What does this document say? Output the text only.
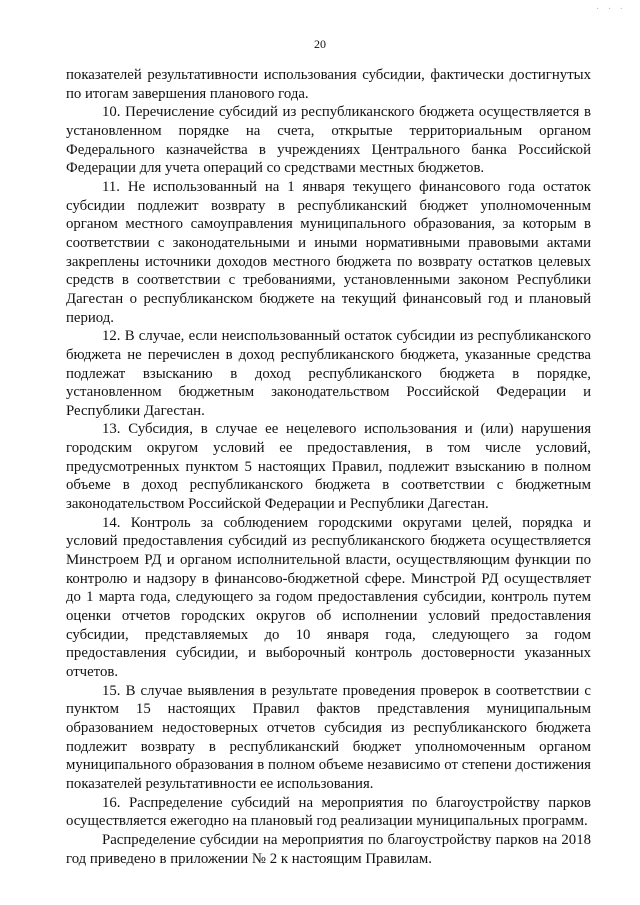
· · ·
20

показателей результативности использования субсидии, фактически достигнутых по итогам завершения планового года.

10. Перечисление субсидий из республиканского бюджета осуществляется в установленном порядке на счета, открытые территориальным органом Федерального казначейства в учреждениях Центрального банка Российской Федерации для учета операций со средствами местных бюджетов.

11. Не использованный на 1 января текущего финансового года остаток субсидии подлежит возврату в республиканский бюджет уполномоченным органом местного самоуправления муниципального образования, за которым в соответствии с законодательными и иными нормативными правовыми актами закреплены источники доходов местного бюджета по возврату остатков целевых средств в соответствии с требованиями, установленными законом Республики Дагестан о республиканском бюджете на текущий финансовый год и плановый период.

12. В случае, если неиспользованный остаток субсидии из республиканского бюджета не перечислен в доход республиканского бюджета, указанные средства подлежат взысканию в доход республиканского бюджета в порядке, установленном бюджетным законодательством Российской Федерации и Республики Дагестан.

13. Субсидия, в случае ее нецелевого использования и (или) нарушения городским округом условий ее предоставления, в том числе условий, предусмотренных пунктом 5 настоящих Правил, подлежит взысканию в полном объеме в доход республиканского бюджета в соответствии с бюджетным законодательством Российской Федерации и Республики Дагестан.

14. Контроль за соблюдением городскими округами целей, порядка и условий предоставления субсидий из республиканского бюджета осуществляется Минстроем РД и органом исполнительной власти, осуществляющим функции по контролю и надзору в финансово-бюджетной сфере. Минстрой РД осуществляет до 1 марта года, следующего за годом предоставления субсидии, контроль путем оценки отчетов городских округов об исполнении условий предоставления субсидии, представляемых до 10 января года, следующего за годом предоставления субсидии, и выборочный контроль достоверности указанных отчетов.

15. В случае выявления в результате проведения проверок в соответствии с пунктом 15 настоящих Правил фактов представления муниципальным образованием недостоверных отчетов субсидия из республиканского бюджета подлежит возврату в республиканский бюджет уполномоченным органом муниципального образования в полном объеме независимо от степени достижения показателей результативности ее использования.

16. Распределение субсидий на мероприятия по благоустройству парков осуществляется ежегодно на плановый год реализации муниципальных программ.

Распределение субсидии на мероприятия по благоустройству парков на 2018 год приведено в приложении № 2 к настоящим Правилам.
